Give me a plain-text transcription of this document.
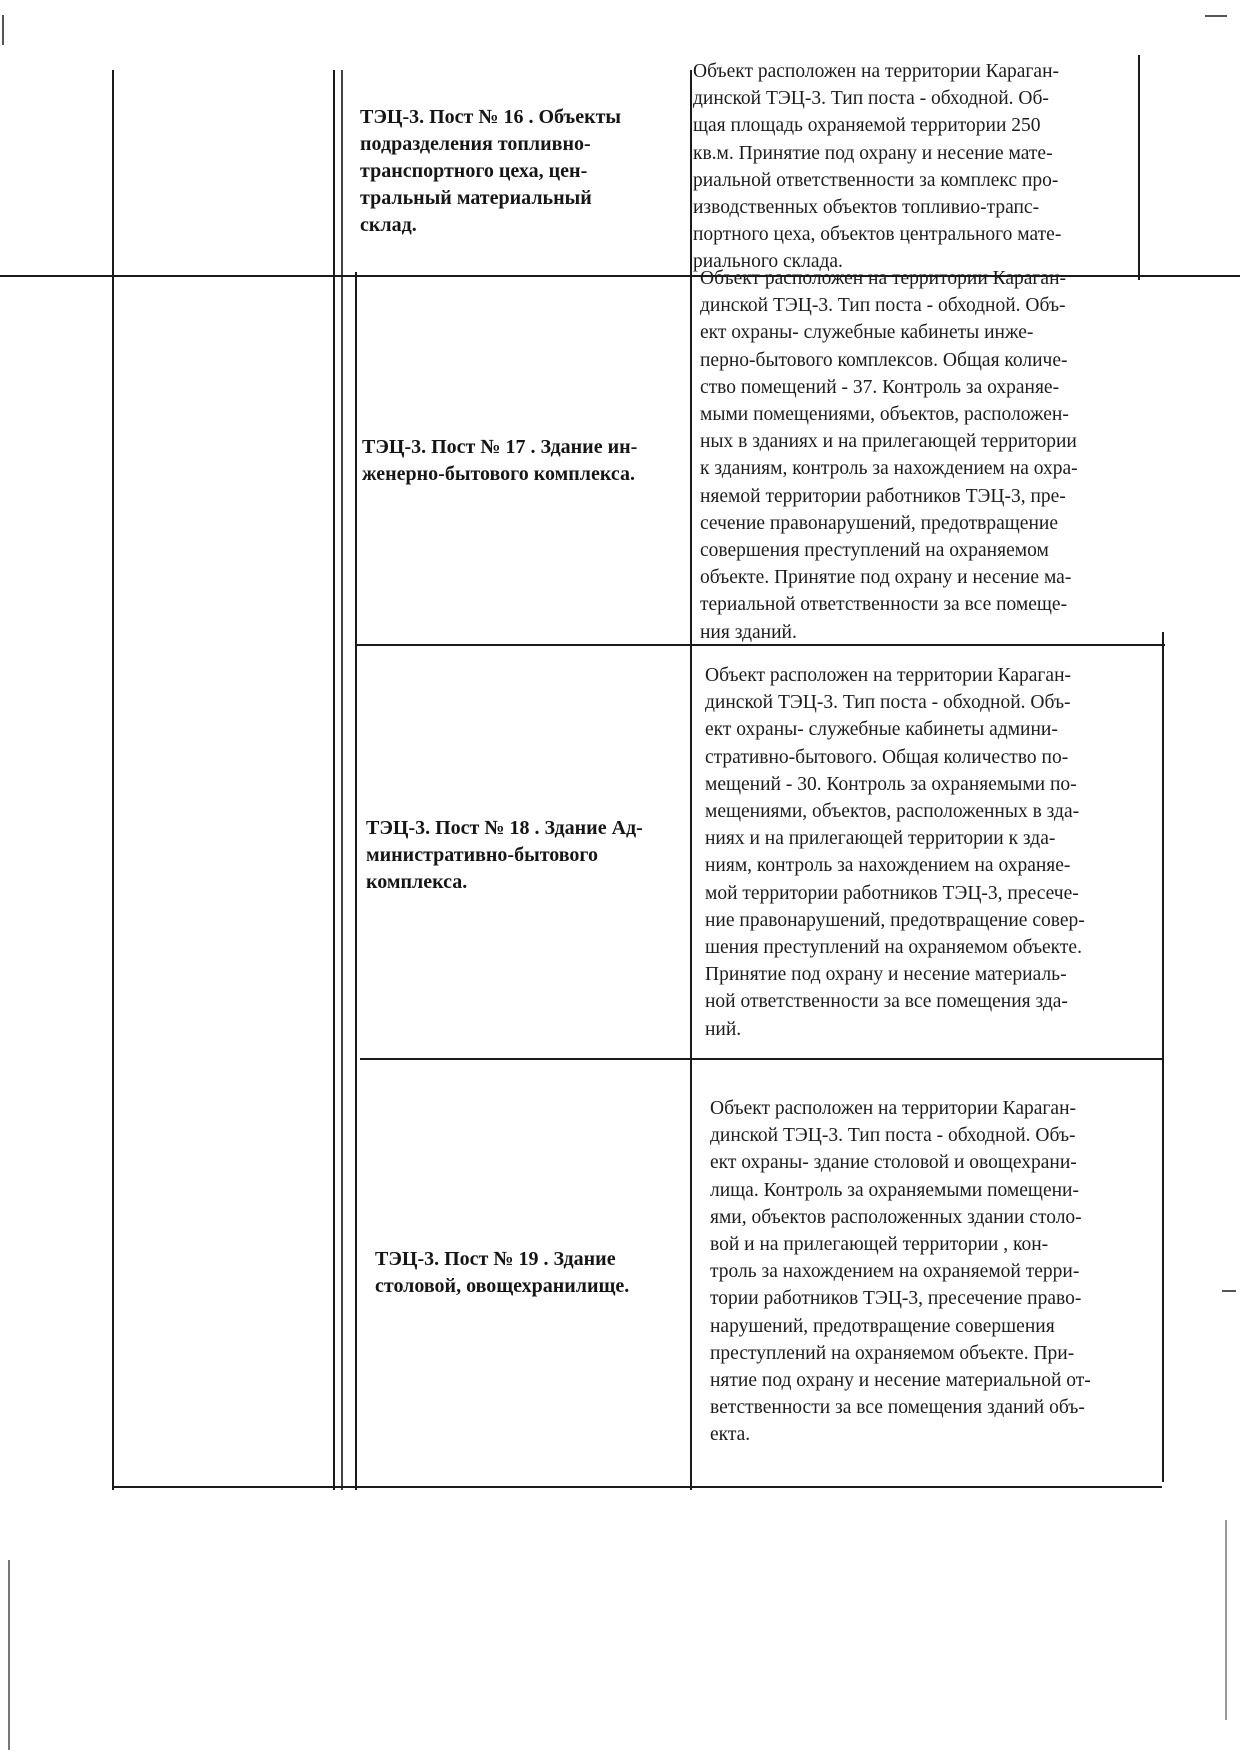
ТЭЦ-3. Пост № 16 . Объекты
подразделения топливно-
транспортного цеха, цен-
тральный материальный
склад.
Объект расположен на территории Караган-
динской ТЭЦ-3. Тип поста - обходной. Об-
щая площадь охраняемой территории 250
кв.м. Принятие под охрану и несение мате-
риальной ответственности за комплекс про-
изводственных объектов топливио-трапс-
портного цеха, объектов центрального мате-
риального склада.
ТЭЦ-3. Пост № 17 . Здание ин-
женерно-бытового комплекса.
Объект расположен на территории Караган-
динской ТЭЦ-3. Тип поста - обходной. Объ-
ект охраны- служебные кабинеты инже-
перно-бытового комплексов. Общая количе-
ство помещений - 37. Контроль за охраняе-
мыми помещениями, объектов, расположен-
ных в зданиях и на прилегающей территории
к зданиям, контроль за нахождением на охра-
няемой территории работников ТЭЦ-3, пре-
сечение правонарушений, предотвращение
совершения преступлений на охраняемом
объекте. Принятие под охрану и несение ма-
териальной ответственности за все помеще-
ния зданий.
ТЭЦ-3. Пост № 18 . Здание Ад-
министративно-бытового
комплекса.
Объект расположен на территории Караган-
динской ТЭЦ-3. Тип поста - обходной. Объ-
ект охраны- служебные кабинеты админи-
стративно-бытового. Общая количество по-
мещений - 30. Контроль за охраняемыми по-
мещениями, объектов, расположенных в зда-
ниях и на прилегающей территории к зда-
ниям, контроль за нахождением на охраняе-
мой территории работников ТЭЦ-3, пресече-
ние правонарушений, предотвращение совер-
шения преступлений на охраняемом объекте.
Принятие под охрану и несение материаль-
ной ответственности за все помещения зда-
ний.
ТЭЦ-3. Пост № 19 . Здание
столовой, овощехранилище.
Объект расположен на территории Караган-
динской ТЭЦ-3. Тип поста - обходной. Объ-
ект охраны- здание столовой и овощехрани-
лища. Контроль за охраняемыми помещени-
ями, объектов расположенных здании столо-
вой и на прилегающей территории , кон-
троль за нахождением на охраняемой терри-
тории работников ТЭЦ-3, пресечение право-
нарушений, предотвращение совершения
преступлений на охраняемом объекте. При-
нятие под охрану и несение материальной от-
ветственности за все помещения зданий объ-
екта.
